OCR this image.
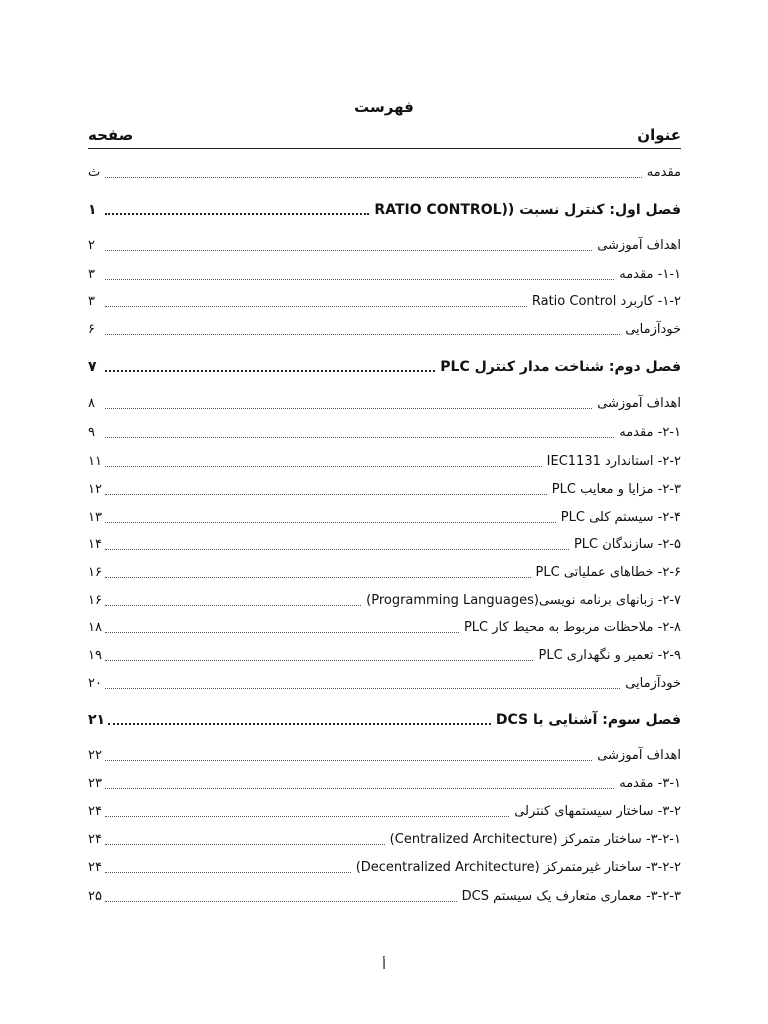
فهرست
عنوان
صفحه
مقدمه
ث
فصل اول: کنترل نسبت ((RATIO CONTROL
۱
اهداف آموزشی
۲
۱-۱- مقدمه
۳
۱-۲- کاربرد Ratio Control
۳
خودآزمایی
۶
فصل دوم: شناخت مدار کنترل PLC
۷
اهداف آموزشی
۸
۲-۱- مقدمه
۹
۲-۲- استاندارد IEC1131
۱۱
۲-۳- مزایا و معایب PLC
۱۲
۲-۴- سیستم کلی PLC
۱۳
۲-۵- سازندگان PLC
۱۴
۲-۶- خطاهای عملیاتی PLC
۱۶
۲-۷- زبانهای برنامه نویسی(Programming Languages)
۱۶
۲-۸- ملاحظات مربوط به محیط کار PLC
۱۸
۲-۹- تعمیر و نگهداری PLC
۱۹
خودآزمایی
۲۰
فصل سوم: آشنایی با DCS
۲۱
اهداف آموزشی
۲۲
۳-۱- مقدمه
۲۳
۳-۲- ساختار سیستمهای کنترلی
۲۴
۳-۲-۱- ساختار متمرکز (Centralized Architecture)
۲۴
۳-۲-۲- ساختار غیرمتمرکز (Decentralized Architecture)
۲۴
۳-۲-۳- معماری متعارف یک سیستم DCS
۲۵
أ
